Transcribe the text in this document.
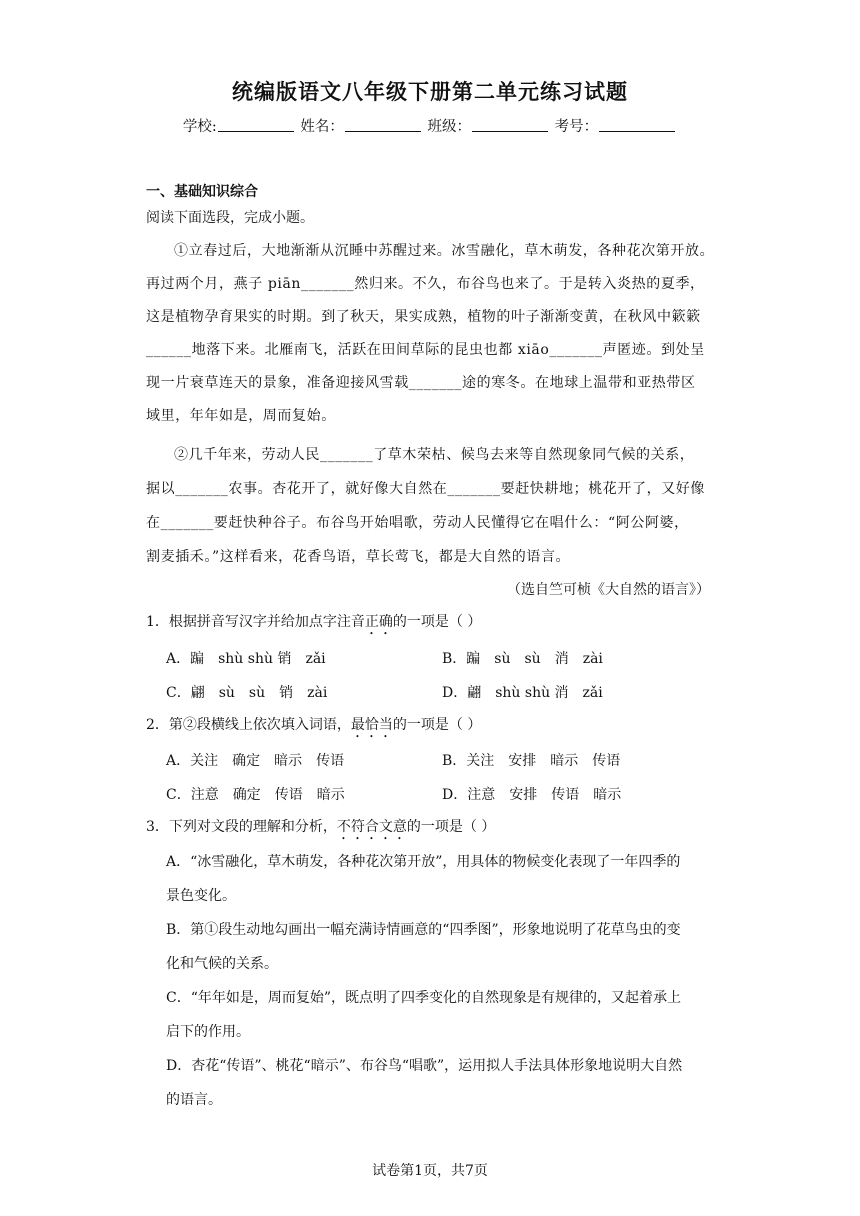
统编版语文八年级下册第二单元练习试题
学校:	姓名：	班级：	考号：
一、基础知识综合
阅读下面选段，完成小题。
①立春过后，大地渐渐从沉睡中苏醒过来。冰雪融化，草木萌发，各种花次第开放。
再过两个月，燕子 piān_______然归来。不久，布谷鸟也来了。于是转入炎热的夏季，
这是植物孕育果实的时期。到了秋天，果实成熟，植物的叶子渐渐变黄，在秋风中簌簌
______地落下来。北雁南飞，活跃在田间草际的昆虫也都 xiāo_______声匿迹。到处呈
现一片衰草连天的景象，准备迎接风雪载_______途的寒冬。在地球上温带和亚热带区
域里，年年如是，周而复始。
②几千年来，劳动人民_______了草木荣枯、候鸟去来等自然现象同气候的关系，
据以_______农事。杏花开了，就好像大自然在_______要赶快耕地；桃花开了，又好像
在_______要赶快种谷子。布谷鸟开始唱歌，劳动人民懂得它在唱什么：“阿公阿婆，
割麦插禾。”这样看来，花香鸟语，草长莺飞，都是大自然的语言。
（选自竺可桢《大自然的语言》）
1．根据拼音写汉字并给加点字注音正确的一项是（ ）
A．蹁　shù shù 销　zǎi	B．蹁　sù　sù　消　zài
C．翩　sù　sù　销　zài	D．翩　shù shù 消　zǎi
2．第②段横线上依次填入词语，最恰当的一项是（ ）
A．关注　确定　暗示　传语	B．关注　安排　暗示　传语
C．注意　确定　传语　暗示	D．注意　安排　传语　暗示
3．下列对文段的理解和分析，不符合文意的一项是（ ）
A．“冰雪融化，草木萌发，各种花次第开放”，用具体的物候变化表现了一年四季的
景色变化。
B．第①段生动地勾画出一幅充满诗情画意的“四季图”，形象地说明了花草鸟虫的变
化和气候的关系。
C．“年年如是，周而复始”，既点明了四季变化的自然现象是有规律的，又起着承上
启下的作用。
D．杏花“传语”、桃花“暗示”、布谷鸟“唱歌”，运用拟人手法具体形象地说明大自然
的语言。
试卷第1页，共7页
